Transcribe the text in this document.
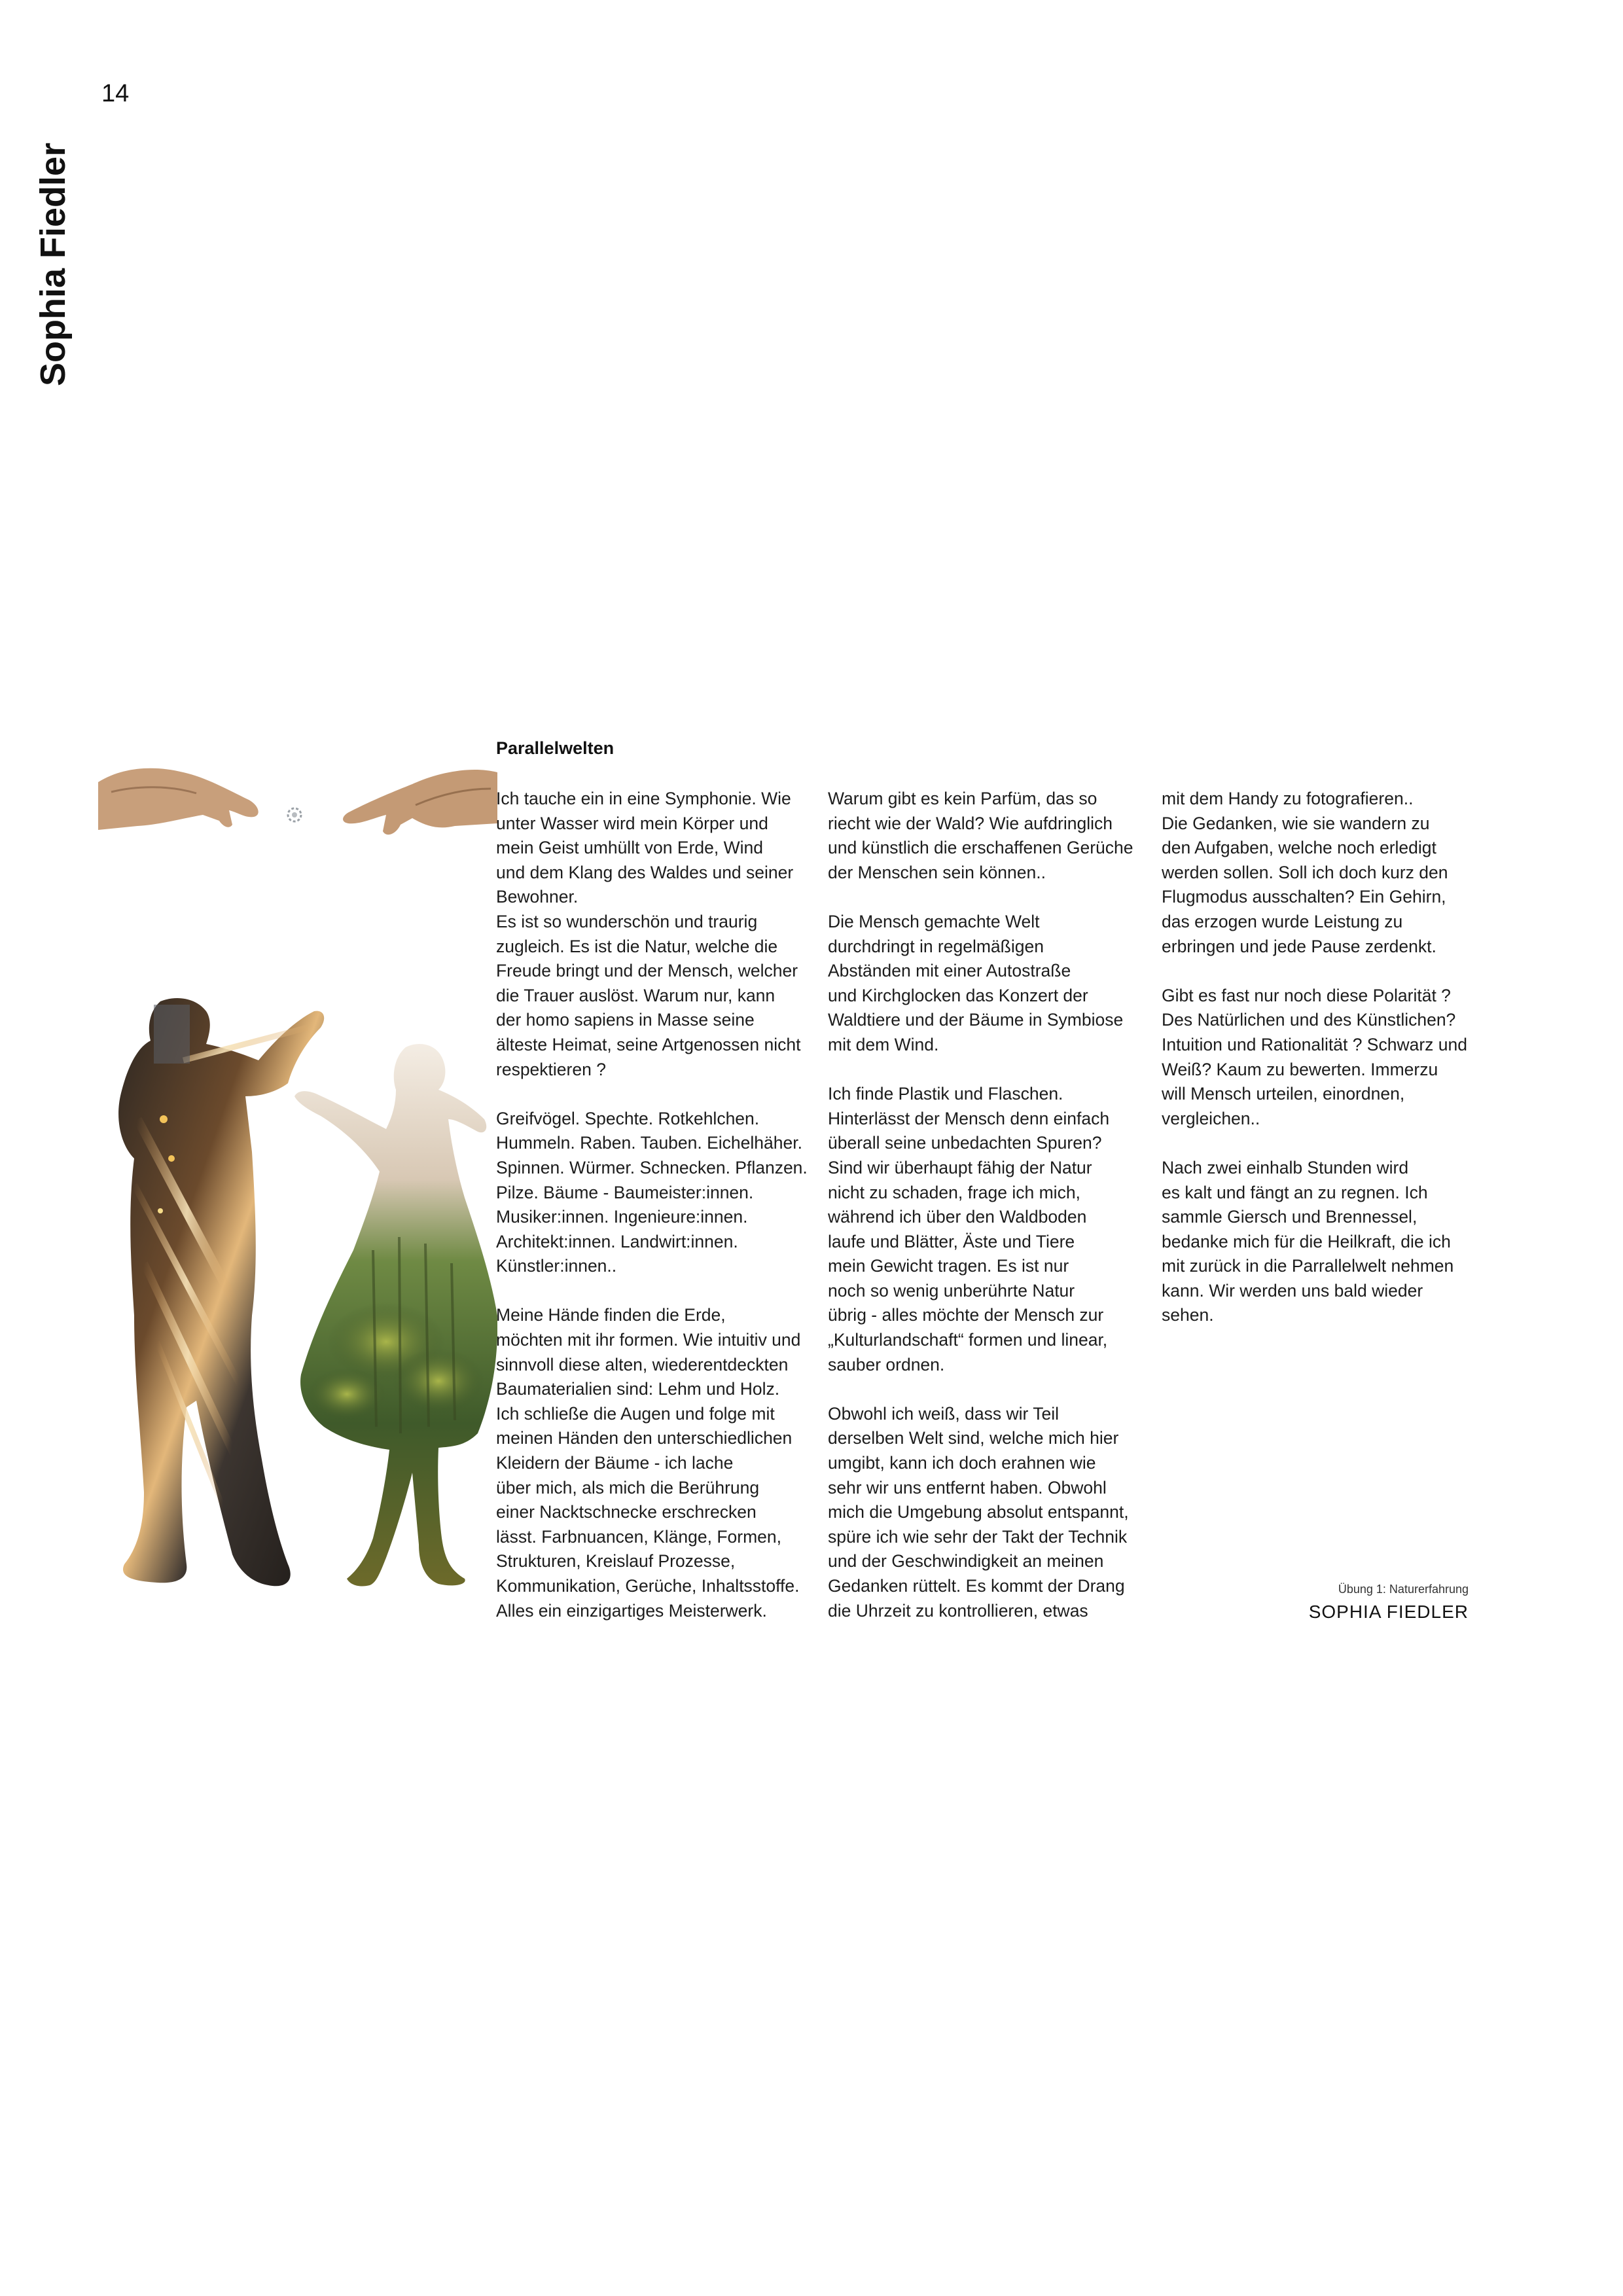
14
Sophia Fiedler
Parallelwelten

Ich tauche ein in eine Symphonie. Wie
unter Wasser wird mein Körper und
mein Geist umhüllt von Erde, Wind
und dem Klang des Waldes und seiner
Bewohner.
Es ist so wunderschön und traurig
zugleich. Es ist die Natur, welche die
Freude bringt und der Mensch, welcher
die Trauer auslöst. Warum nur, kann
der homo sapiens in Masse seine
älteste Heimat, seine Artgenossen nicht
respektieren ?

Greifvögel. Spechte. Rotkehlchen.
Hummeln. Raben. Tauben. Eichelhäher.
Spinnen. Würmer. Schnecken. Pflanzen.
Pilze. Bäume - Baumeister:innen.
Musiker:innen. Ingenieure:innen.
Architekt:innen. Landwirt:innen.
Künstler:innen..

Meine Hände finden die Erde,
möchten mit ihr formen. Wie intuitiv und
sinnvoll diese alten, wiederentdeckten
Baumaterialien sind: Lehm und Holz.
Ich schließe die Augen und folge mit
meinen Händen den unterschiedlichen
Kleidern der Bäume - ich lache
über mich, als mich die Berührung
einer Nacktschnecke erschrecken
lässt. Farbnuancen, Klänge, Formen,
Strukturen, Kreislauf Prozesse,
Kommunikation, Gerüche, Inhaltsstoffe.
Alles ein einzigartiges Meisterwerk.

Warum gibt es kein Parfüm, das so
riecht wie der Wald? Wie aufdringlich
und künstlich die erschaffenen Gerüche
der Menschen sein können..

Die Mensch gemachte Welt
durchdringt in regelmäßigen
Abständen mit einer Autostraße
und Kirchglocken das Konzert der
Waldtiere und der Bäume in Symbiose
mit dem Wind.

Ich finde Plastik und Flaschen.
Hinterlässt der Mensch denn einfach
überall seine unbedachten Spuren?
Sind wir überhaupt fähig der Natur
nicht zu schaden, frage ich mich,
während ich über den Waldboden
laufe und Blätter, Äste und Tiere
mein Gewicht tragen. Es ist nur
noch so wenig unberührte Natur
übrig - alles möchte der Mensch zur
„Kulturlandschaft“ formen und linear,
sauber ordnen.

Obwohl ich weiß, dass wir Teil
derselben Welt sind, welche mich hier
umgibt, kann ich doch erahnen wie
sehr wir uns entfernt haben. Obwohl
mich die Umgebung absolut entspannt,
spüre ich wie sehr der Takt der Technik
und der Geschwindigkeit an meinen
Gedanken rüttelt. Es kommt der Drang
die Uhrzeit zu kontrollieren, etwas

mit dem Handy zu fotografieren..
Die Gedanken, wie sie wandern zu
den Aufgaben, welche noch erledigt
werden sollen. Soll ich doch kurz den
Flugmodus ausschalten? Ein Gehirn,
das erzogen wurde Leistung zu
erbringen und jede Pause zerdenkt.

Gibt es fast nur noch diese Polarität ?
Des Natürlichen und des Künstlichen?
Intuition und Rationalität ? Schwarz und
Weiß? Kaum zu bewerten. Immerzu
will Mensch urteilen, einordnen,
vergleichen..

Nach zwei einhalb Stunden wird
es kalt und fängt an zu regnen. Ich
sammle Giersch und Brennessel,
bedanke mich für die Heilkraft, die ich
mit zurück in die Parrallelwelt nehmen
kann. Wir werden uns bald wieder
sehen.

Übung 1: Naturerfahrung
SOPHIA FIEDLER
